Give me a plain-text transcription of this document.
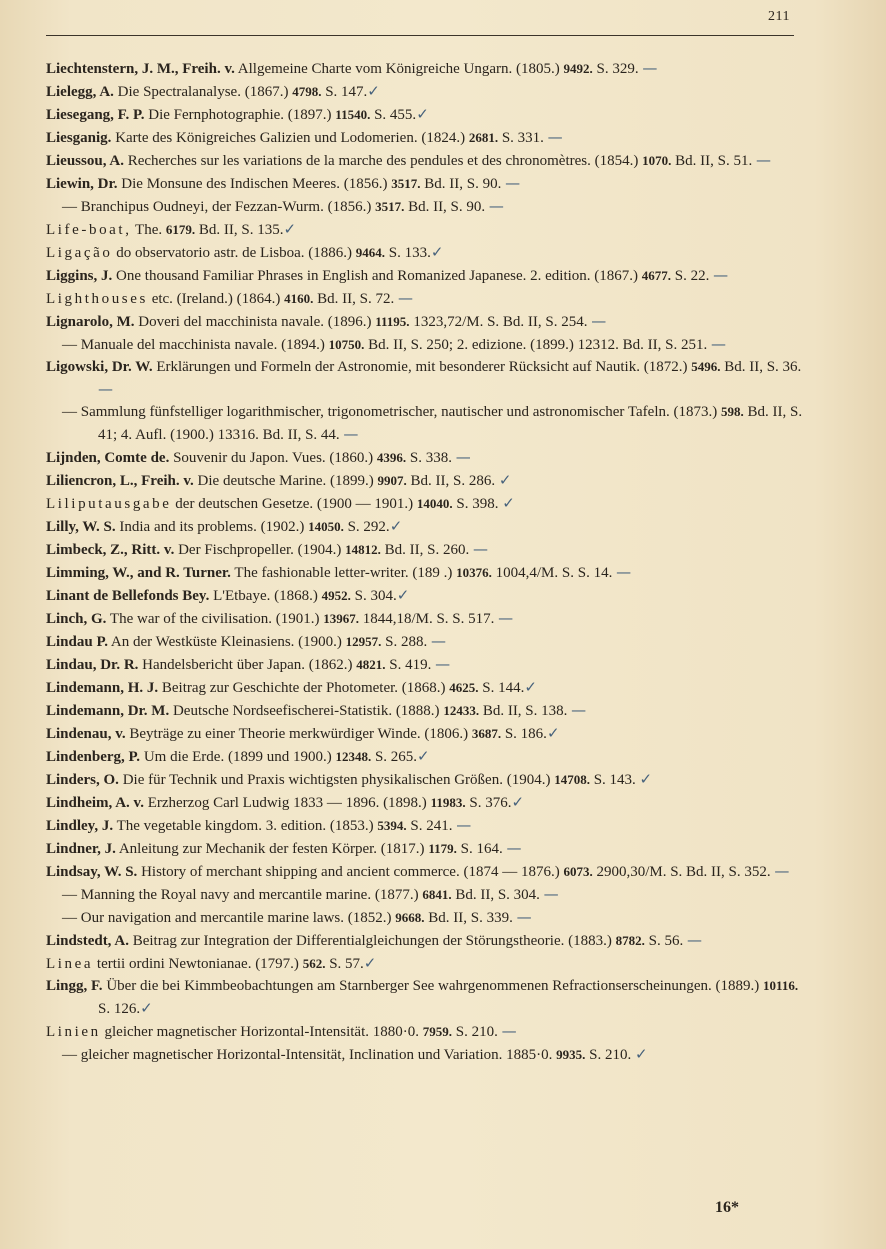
211

Liechtenstern, J. M., Freih. v. Allgemeine Charte vom Königreiche Ungarn. (1805.) 9492. S. 329. —

Lielegg, A. Die Spectralanalyse. (1867.) 4798. S. 147.✓

Liesegang, F. P. Die Fernphotographie. (1897.) 11540. S. 455.✓

Liesganig. Karte des Königreiches Galizien und Lodomerien. (1824.) 2681. S. 331. —

Lieussou, A. Recherches sur les variations de la marche des pendules et des chronomètres. (1854.) 1070. Bd. II, S. 51. —

Liewin, Dr. Die Monsune des Indischen Meeres. (1856.) 3517. Bd. II, S. 90. —

— Branchipus Oudneyi, der Fezzan-Wurm. (1856.) 3517. Bd. II, S. 90. —

Life-boat, The. 6179. Bd. II, S. 135.✓

Ligação do observatorio astr. de Lisboa. (1886.) 9464. S. 133.✓

Liggins, J. One thousand Familiar Phrases in English and Romanized Japanese. 2. edition. (1867.) 4677. S. 22. —

Lighthouses etc. (Ireland.) (1864.) 4160. Bd. II, S. 72. —

Lignarolo, M. Doveri del macchinista navale. (1896.) 11195. 1323,72/M. S. Bd. II, S. 254. —

— Manuale del macchinista navale. (1894.) 10750. Bd. II, S. 250; 2. edizione. (1899.) 12312. Bd. II, S. 251. —

Ligowski, Dr. W. Erklärungen und Formeln der Astronomie, mit besonderer Rücksicht auf Nautik. (1872.) 5496. Bd. II, S. 36. —

— Sammlung fünfstelliger logarithmischer, trigonometrischer, nautischer und astronomischer Tafeln. (1873.) 598. Bd. II, S. 41; 4. Aufl. (1900.) 13316. Bd. II, S. 44. —

Lijnden, Comte de. Souvenir du Japon. Vues. (1860.) 4396. S. 338. —

Liliencron, L., Freih. v. Die deutsche Marine. (1899.) 9907. Bd. II, S. 286. ✓

Liliputausgabe der deutschen Gesetze. (1900 — 1901.) 14040. S. 398. ✓

Lilly, W. S. India and its problems. (1902.) 14050. S. 292.✓

Limbeck, Z., Ritt. v. Der Fischpropeller. (1904.) 14812. Bd. II, S. 260. —

Limming, W., and R. Turner. The fashionable letter-writer. (189 .) 10376. 1004,4/M. S. S. 14. —

Linant de Bellefonds Bey. L'Etbaye. (1868.) 4952. S. 304.✓

Linch, G. The war of the civilisation. (1901.) 13967. 1844,18/M. S. S. 517. —

Lindau P. An der Westküste Kleinasiens. (1900.) 12957. S. 288. —

Lindau, Dr. R. Handelsbericht über Japan. (1862.) 4821. S. 419. —

Lindemann, H. J. Beitrag zur Geschichte der Photometer. (1868.) 4625. S. 144.✓

Lindemann, Dr. M. Deutsche Nordseefischerei-Statistik. (1888.) 12433. Bd. II, S. 138. —

Lindenau, v. Beyträge zu einer Theorie merkwürdiger Winde. (1806.) 3687. S. 186.✓

Lindenberg, P. Um die Erde. (1899 und 1900.) 12348. S. 265.✓

Linders, O. Die für Technik und Praxis wichtigsten physikalischen Größen. (1904.) 14708. S. 143. ✓

Lindheim, A. v. Erzherzog Carl Ludwig 1833 — 1896. (1898.) 11983. S. 376.✓

Lindley, J. The vegetable kingdom. 3. edition. (1853.) 5394. S. 241. —

Lindner, J. Anleitung zur Mechanik der festen Körper. (1817.) 1179. S. 164. —

Lindsay, W. S. History of merchant shipping and ancient commerce. (1874 — 1876.) 6073. 2900,30/M. S. Bd. II, S. 352. —

— Manning the Royal navy and mercantile marine. (1877.) 6841. Bd. II, S. 304. —

— Our navigation and mercantile marine laws. (1852.) 9668. Bd. II, S. 339. —

Lindstedt, A. Beitrag zur Integration der Differentialgleichungen der Störungstheorie. (1883.) 8782. S. 56. —

Linea tertii ordini Newtonianae. (1797.) 562. S. 57.✓

Lingg, F. Über die bei Kimmbeobachtungen am Starnberger See wahrgenommenen Refractionserscheinungen. (1889.) 10116. S. 126.✓

Linien gleicher magnetischer Horizontal-Intensität. 1880·0. 7959. S. 210. —

— gleicher magnetischer Horizontal-Intensität, Inclination und Variation. 1885·0. 9935. S. 210. ✓

16*
